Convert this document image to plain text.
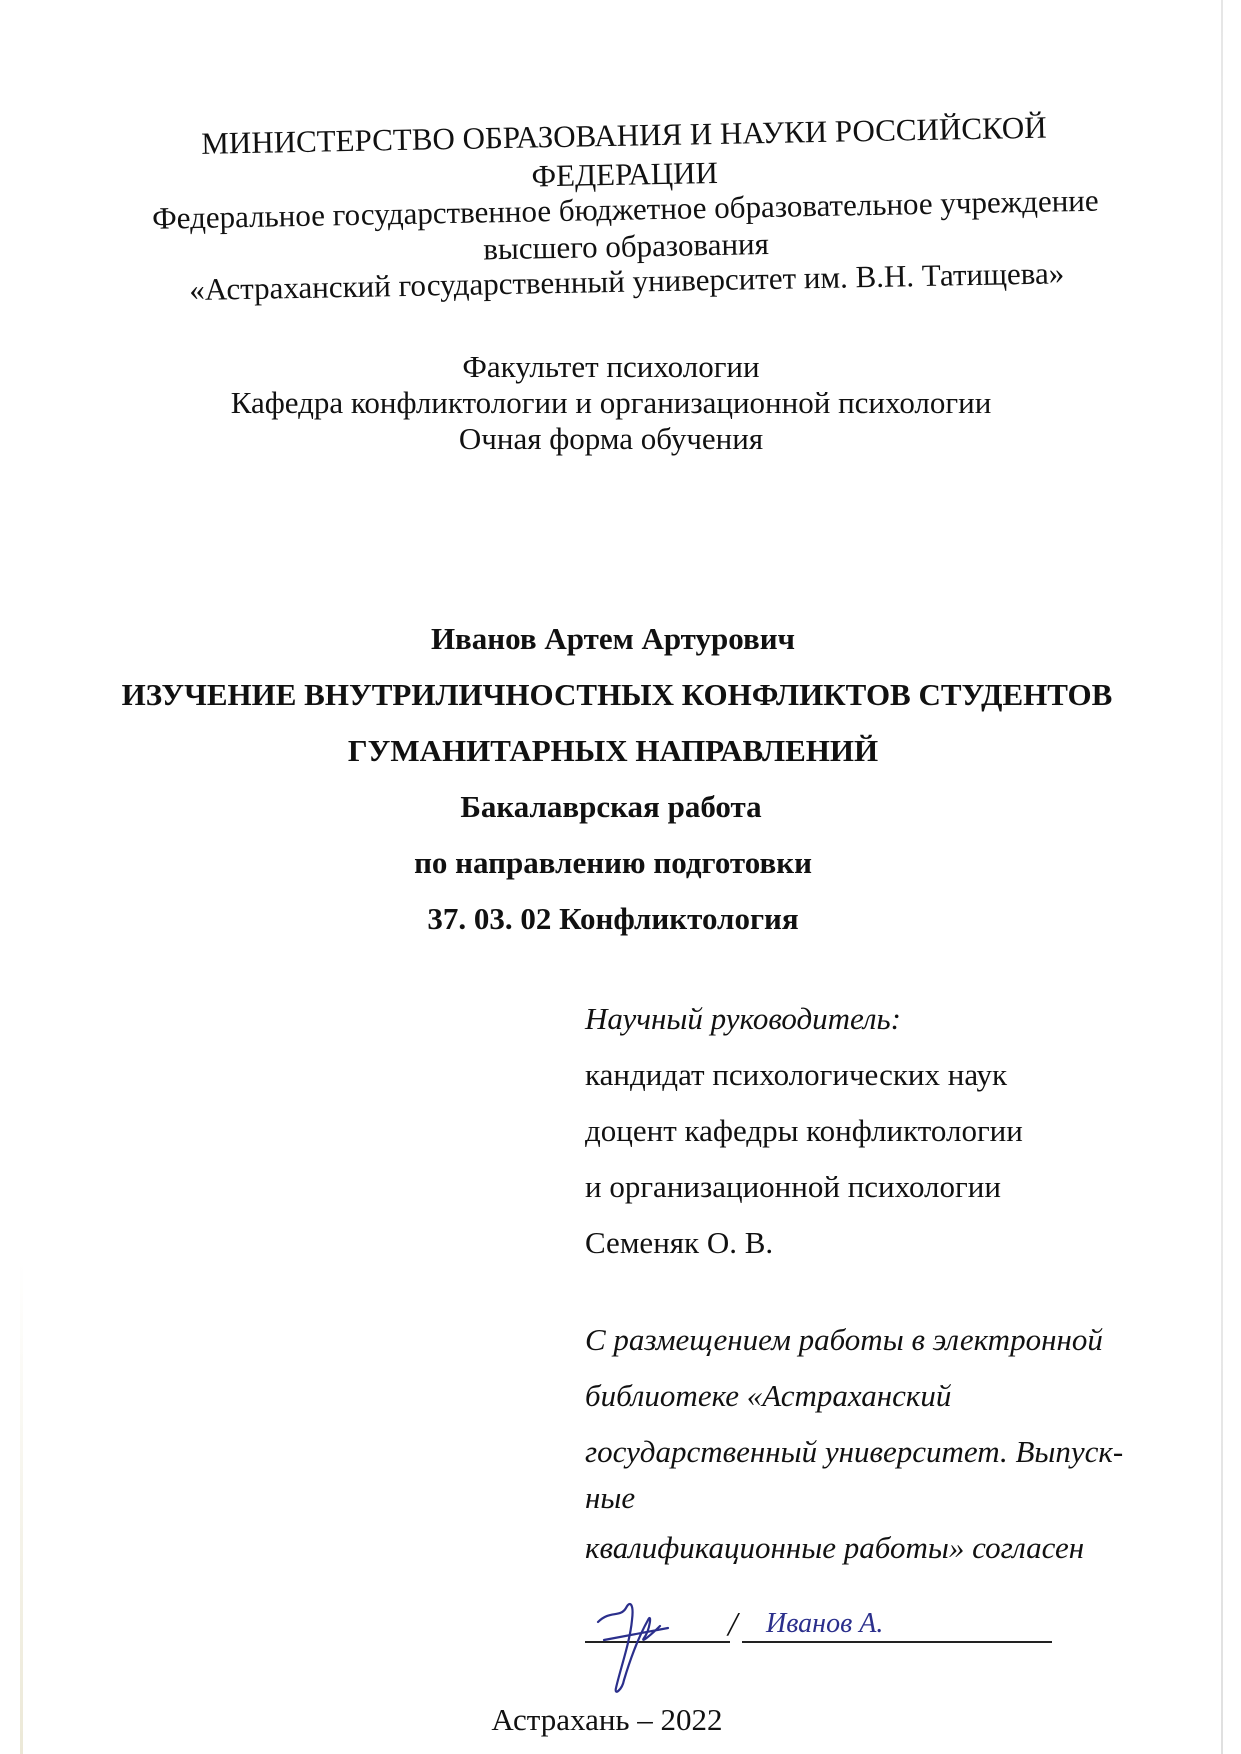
МИНИСТЕРСТВО ОБРАЗОВАНИЯ И НАУКИ РОССИЙСКОЙ
ФЕДЕРАЦИИ
Федеральное государственное бюджетное образовательное учреждение
высшего образования
«Астраханский государственный университет им. В.Н. Татищева»
Факультет психологии
Кафедра конфликтологии и организационной психологии
Очная форма обучения
Иванов Артем Артурович
ИЗУЧЕНИЕ ВНУТРИЛИЧНОСТНЫХ КОНФЛИКТОВ СТУДЕНТОВ
ГУМАНИТАРНЫХ НАПРАВЛЕНИЙ
Бакалаврская работа
по направлению подготовки
37. 03. 02 Конфликтология
Научный руководитель:
кандидат психологических наук
доцент кафедры конфликтологии
и организационной психологии
Семеняк О. В.
С размещением работы в электронной
библиотеке «Астраханский
государственный университет. Выпуск-
ные
квалификационные работы» согласен
/ Иванов А.
Астрахань – 2022
